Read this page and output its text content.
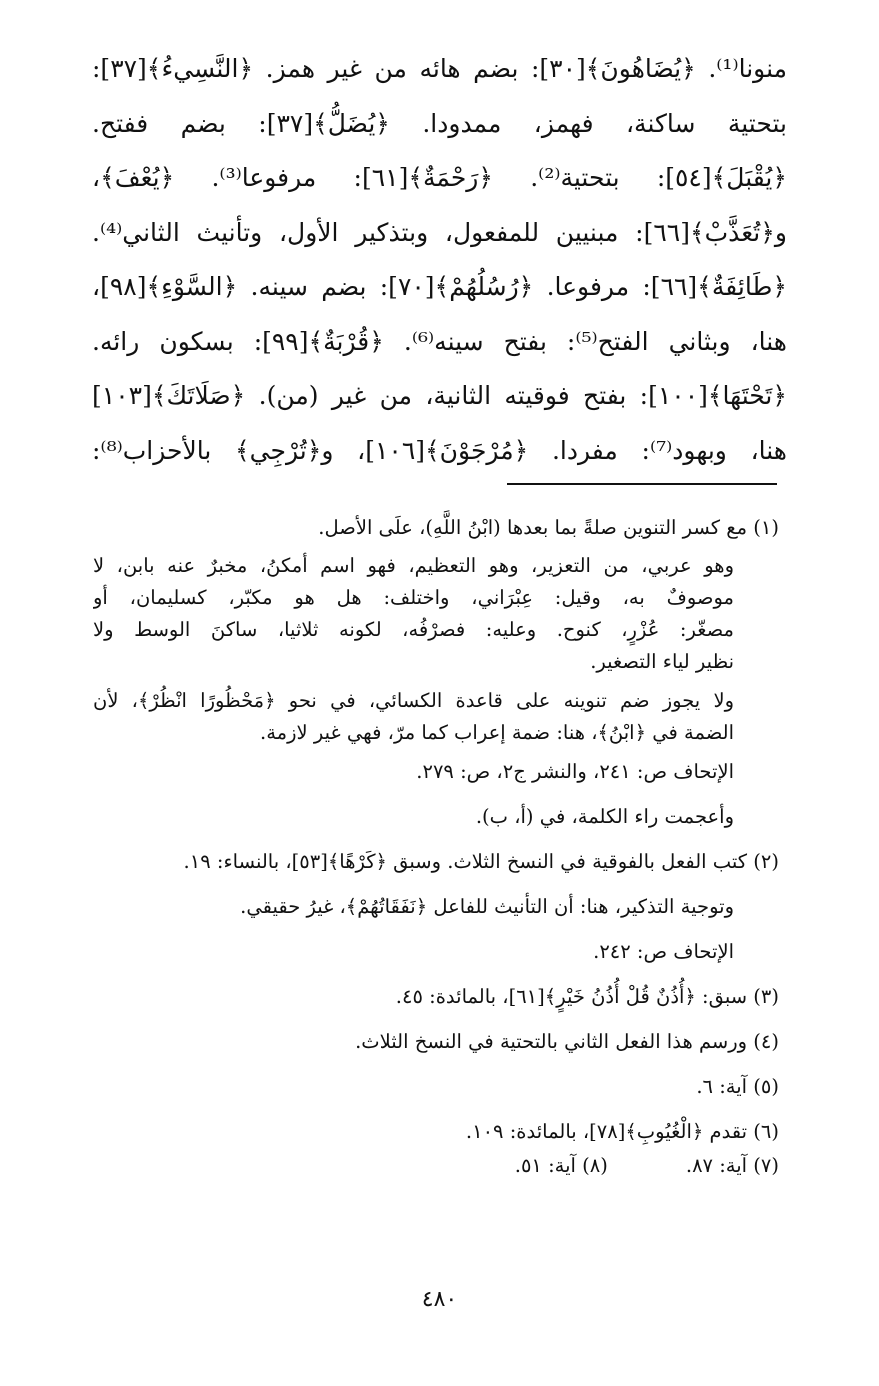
منونا⁽¹⁾. ﴿يُضَاهُونَ﴾[٣٠]: بضم هائه من غير همز. ﴿النَّسِيءُ﴾[٣٧]:
بتحتية ساكنة، فهمز، ممدودا. ﴿يُضَلُّ﴾[٣٧]: بضم ففتح.
﴿يُقْبَلَ﴾[٥٤]: بتحتية⁽²⁾. ﴿رَحْمَةٌ﴾[٦١]: مرفوعا⁽³⁾. ﴿يُعْفَ﴾،
و﴿تُعَذَّبْ﴾[٦٦]: مبنيين للمفعول، وبتذكير الأول، وتأنيث الثاني⁽⁴⁾.
﴿طَائِفَةٌ﴾[٦٦]: مرفوعا. ﴿رُسُلُهُمْ﴾[٧٠]: بضم سينه. ﴿السَّوْءِ﴾[٩٨]،
هنا، وبثاني الفتح⁽⁵⁾: بفتح سينه⁽⁶⁾. ﴿قُرْبَةٌ﴾[٩٩]: بسكون رائه.
﴿تَحْتَهَا﴾[١٠٠]: بفتح فوقيته الثانية، من غير (من). ﴿صَلَاتَكَ﴾[١٠٣]
هنا، وبهود⁽⁷⁾: مفردا. ﴿مُرْجَوْنَ﴾[١٠٦]، و﴿تُرْجِي﴾ بالأحزاب⁽⁸⁾:
(١) مع كسر التنوين صلةً بما بعدها (ابْنُ اللَّهِ)، علَى الأصل.
وهو عربي، من التعزير، وهو التعظيم، فهو اسم أمكنُ، مخبرٌ عنه بابن، لا
موصوفٌ به، وقيل: عِبْرَاني، واختلف: هل هو مكبّر، كسليمان، أو
مصغّر: عُزْرٍ، كنوح. وعليه: فصرْفُه، لكونه ثلاثيا، ساكنَ الوسط ولا
نظير لياء التصغير.
ولا يجوز ضم تنوينه على قاعدة الكسائي، في نحو ﴿مَحْظُورًا انْظُرْ﴾، لأن
الضمة في ﴿ابْنُ﴾، هنا: ضمة إعراب كما مرّ، فهي غير لازمة.
الإتحاف ص: ٢٤١، والنشر ج٢، ص: ٢٧٩.
وأعجمت راء الكلمة، في (أ، ب).
(٢) كتب الفعل بالفوقية في النسخ الثلاث. وسبق ﴿كَرْهًا﴾[٥٣]، بالنساء: ١٩.
وتوجية التذكير، هنا: أن التأنيث للفاعل ﴿نَفَقَاتُهُمْ﴾، غيرُ حقيقي.
الإتحاف ص: ٢٤٢.
(٣) سبق: ﴿أُذُنٌ قُلْ أُذُنُ خَيْرٍ﴾[٦١]، بالمائدة: ٤٥.
(٤) ورسم هذا الفعل الثاني بالتحتية في النسخ الثلاث.
(٥) آية: ٦.
(٦) تقدم ﴿الْغُيُوبِ﴾[٧٨]، بالمائدة: ١٠٩.
(٧) آية: ٨٧.
(٨) آية: ٥١.
٤٨٠
